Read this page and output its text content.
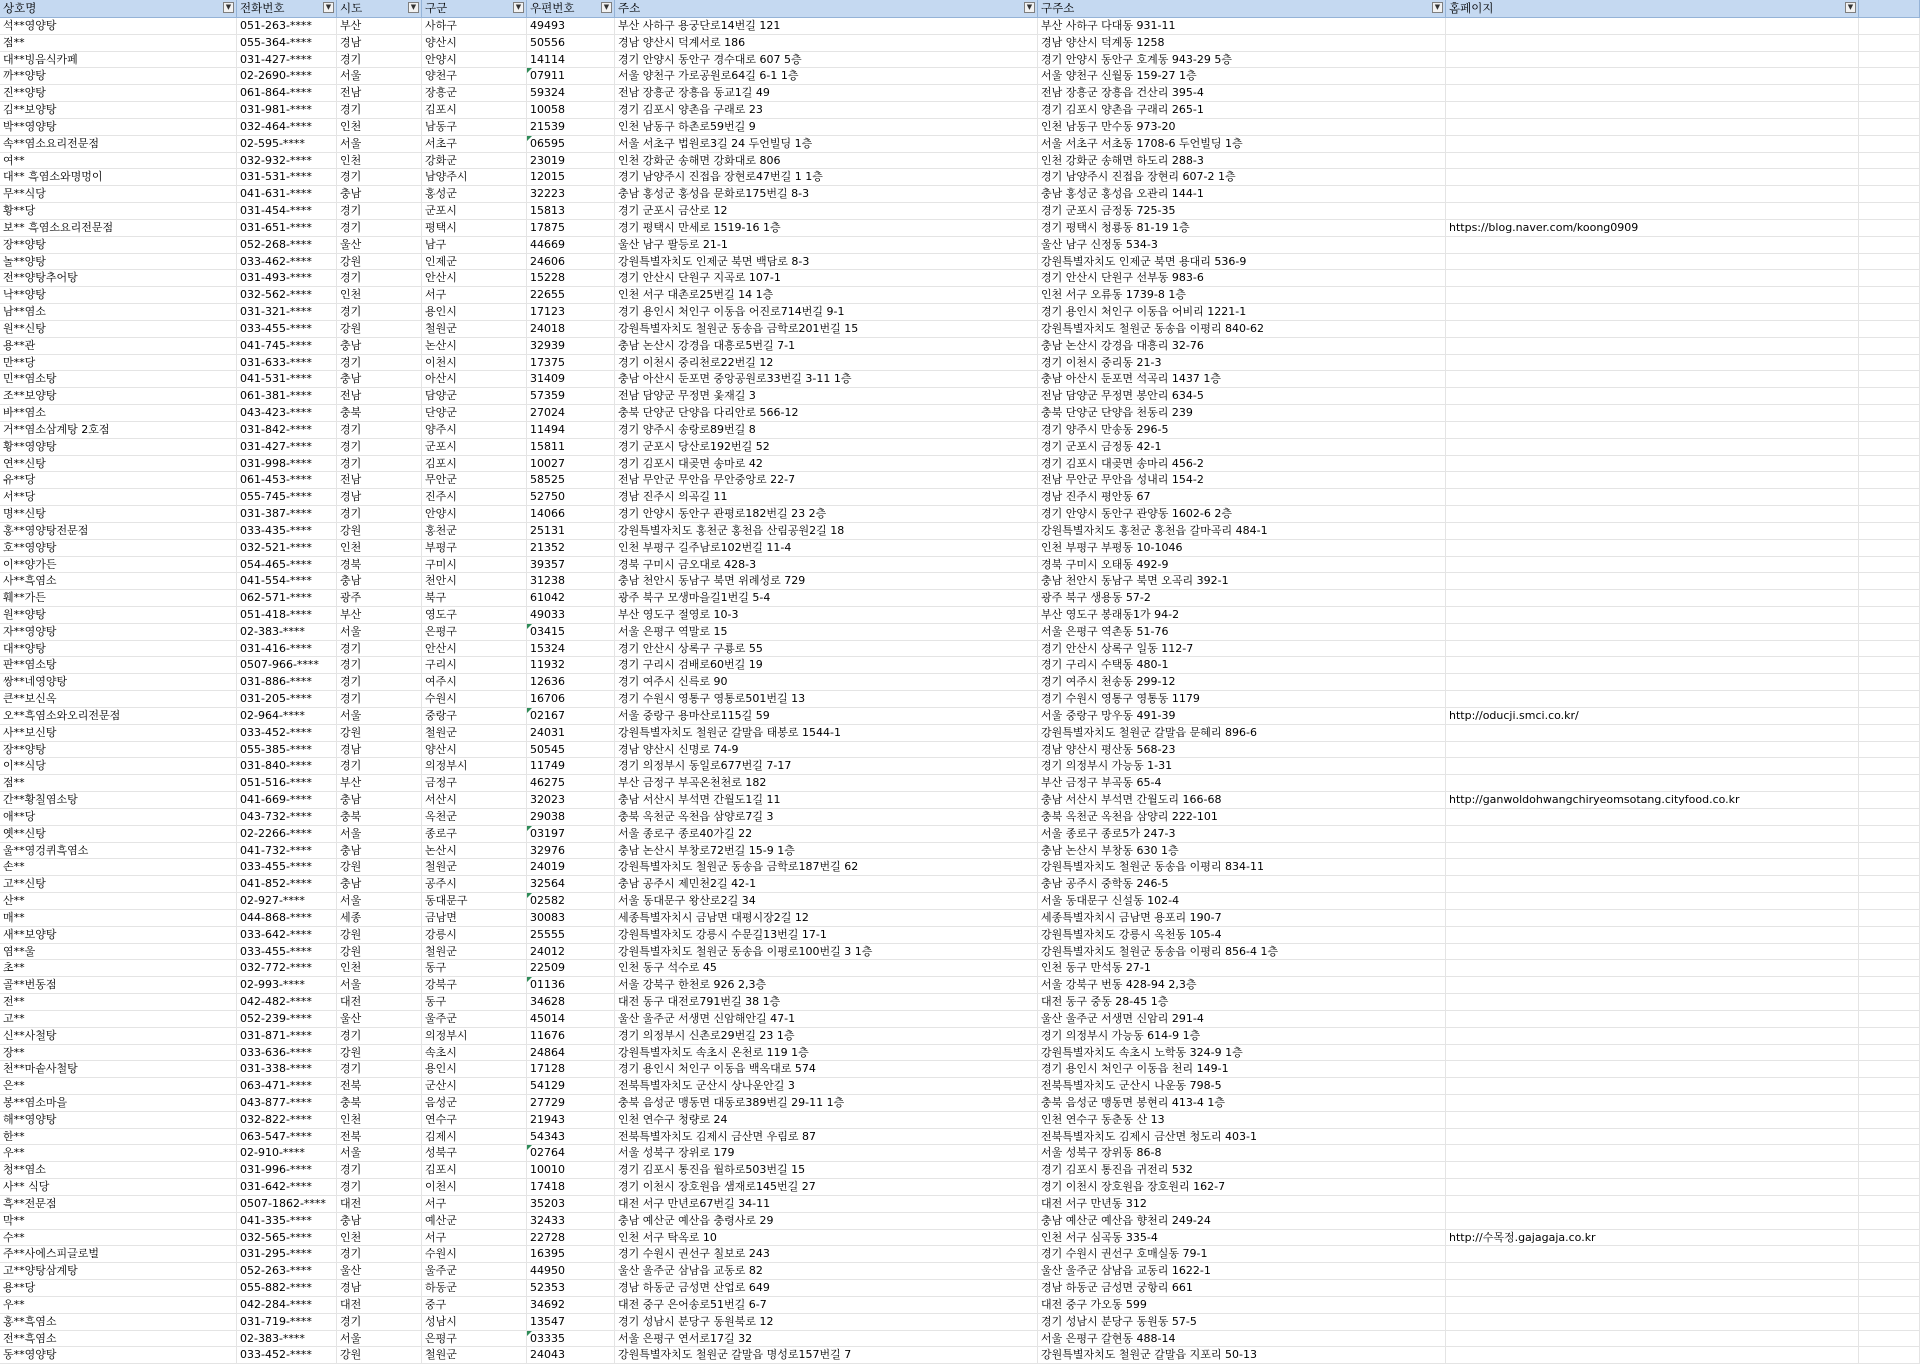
상호명	▼ 전화번호	▼ 시도	▼ 구군	▼ 우편번호	▼ 주소	▼ 구주소	▼ 홈페이지	▼
석**영양탕	051-263-****	부산	사하구	49493	부산 사하구 용궁단로14번길 121	부산 사하구 다대동 931-11
점**	055-364-****	경남	양산시	50556	경남 양산시 덕계서로 186	경남 양산시 덕계동 1258
대**빙음식카페	031-427-****	경기	안양시	14114	경기 안양시 동안구 경수대로 607 5층	경기 안양시 동안구 호계동 943-29 5층
까**양탕	02-2690-****	서울	양천구	07911	서울 양천구 가로공원로64길 6-1 1층	서울 양천구 신월동 159-27 1층
진**양탕	061-864-****	전남	장흥군	59324	전남 장흥군 장흥읍 동교1길 49	전남 장흥군 장흥읍 건산리 395-4
김**보양탕	031-981-****	경기	김포시	10058	경기 김포시 양촌읍 구래로 23	경기 김포시 양촌읍 구래리 265-1
박**영양탕	032-464-****	인천	남동구	21539	인천 남동구 하촌로59번길 9	인천 남동구 만수동 973-20
속**염소요리전문점	02-595-****	서울	서초구	06595	서울 서초구 법원로3길 24 두언빌딩 1층	서울 서초구 서초동 1708-6 두언빌딩 1층
여**	032-932-****	인천	강화군	23019	인천 강화군 송해면 강화대로 806	인천 강화군 송해면 하도리 288-3
대** 흑염소와명멍이	031-531-****	경기	남양주시	12015	경기 남양주시 진접읍 장현로47번길 1 1층	경기 남양주시 진접읍 장현리 607-2 1층
무**식당	041-631-****	충남	홍성군	32223	충남 홍성군 홍성읍 문화로175번길 8-3	충남 홍성군 홍성읍 오관리 144-1
황**당	031-454-****	경기	군포시	15813	경기 군포시 금산로 12	경기 군포시 금정동 725-35
보** 흑염소요리전문점	031-651-****	경기	평택시	17875	경기 평택시 만세로 1519-16 1층	경기 평택시 청룡동 81-19 1층	https://blog.naver.com/koong0909
장**양탕	052-268-****	울산	남구	44669	울산 남구 팔등로 21-1	울산 남구 신정동 534-3
놀**양탕	033-462-****	강원	인제군	24606	강원특별자치도 인제군 북면 백담로 8-3	강원특별자치도 인제군 북면 용대리 536-9
전**양탕추어탕	031-493-****	경기	안산시	15228	경기 안산시 단원구 지곡로 107-1	경기 안산시 단원구 선부동 983-6
낙**양탕	032-562-****	인천	서구	22655	인천 서구 대촌로25번길 14 1층	인천 서구 오류동 1739-8 1층
남**염소	031-321-****	경기	용인시	17123	경기 용인시 처인구 이동읍 어진로714번길 9-1	경기 용인시 처인구 이동읍 어비리 1221-1
원**신탕	033-455-****	강원	철원군	24018	강원특별자치도 철원군 동송읍 금학로201번길 15	강원특별자치도 철원군 동송읍 이평리 840-62
용**관	041-745-****	충남	논산시	32939	충남 논산시 강경읍 대흥로5번길 7-1	충남 논산시 강경읍 대흥리 32-76
만**당	031-633-****	경기	이천시	17375	경기 이천시 중리천로22번길 12	경기 이천시 중리동 21-3
민**염소탕	041-531-****	충남	아산시	31409	충남 아산시 둔포면 중앙공원로33번길 3-11 1층	충남 아산시 둔포면 석곡리 1437 1층
조**보양탕	061-381-****	전남	담양군	57359	전남 담양군 무정면 옻재길 3	전남 담양군 무정면 봉안리 634-5
바**염소	043-423-****	충북	단양군	27024	충북 단양군 단양읍 다리안로 566-12	충북 단양군 단양읍 천동리 239
거**염소삼계탕 2호점	031-842-****	경기	양주시	11494	경기 양주시 송랑로89번길 8	경기 양주시 만송동 296-5
황**영양탕	031-427-****	경기	군포시	15811	경기 군포시 당산로192번길 52	경기 군포시 금정동 42-1
연**신탕	031-998-****	경기	김포시	10027	경기 김포시 대곶면 송마로 42	경기 김포시 대곶면 송마리 456-2
유**당	061-453-****	전남	무안군	58525	전남 무안군 무안읍 무안중앙로 22-7	전남 무안군 무안읍 성내리 154-2
서**당	055-745-****	경남	진주시	52750	경남 진주시 의곡길 11	경남 진주시 평안동 67
명**신탕	031-387-****	경기	안양시	14066	경기 안양시 동안구 관평로182번길 23 2층	경기 안양시 동안구 관양동 1602-6 2층
홍**영양탕전문점	033-435-****	강원	홍천군	25131	강원특별자치도 홍천군 홍천읍 산림공원2길 18	강원특별자치도 홍천군 홍천읍 갈마곡리 484-1
호**영양탕	032-521-****	인천	부평구	21352	인천 부평구 길주남로102번길 11-4	인천 부평구 부평동 10-1046
이**양가든	054-465-****	경북	구미시	39357	경북 구미시 금오대로 428-3	경북 구미시 오태동 492-9
사**흑염소	041-554-****	충남	천안시	31238	충남 천안시 동남구 북면 위례성로 729	충남 천안시 동남구 북면 오곡리 392-1
훼**가든	062-571-****	광주	북구	61042	광주 북구 모생마을길1번길 5-4	광주 북구 생용동 57-2
원**양탕	051-418-****	부산	영도구	49033	부산 영도구 절영로 10-3	부산 영도구 봉래동1가 94-2
자**영양탕	02-383-****	서울	은평구	03415	서울 은평구 역말로 15	서울 은평구 역촌동 51-76
대**양탕	031-416-****	경기	안산시	15324	경기 안산시 상록구 구룡로 55	경기 안산시 상록구 일동 112-7
판**염소탕	0507-966-****	경기	구리시	11932	경기 구리시 검배로60번길 19	경기 구리시 수택동 480-1
쌍**네영양탕	031-886-****	경기	여주시	12636	경기 여주시 신륵로 90	경기 여주시 천송동 299-12
큰**보신옥	031-205-****	경기	수원시	16706	경기 수원시 영통구 영통로501번길 13	경기 수원시 영통구 영통동 1179
오**흑염소와오리전문점	02-964-****	서울	중랑구	02167	서울 중랑구 용마산로115길 59	서울 중랑구 망우동 491-39	http://oducji.smci.co.kr/
사**보신탕	033-452-****	강원	철원군	24031	강원특별자치도 철원군 갈말읍 태봉로 1544-1	강원특별자치도 철원군 갈말읍 문혜리 896-6
장**양탕	055-385-****	경남	양산시	50545	경남 양산시 신명로 74-9	경남 양산시 평산동 568-23
이**식당	031-840-****	경기	의정부시	11749	경기 의정부시 동일로677번길 7-17	경기 의정부시 가능동 1-31
점**	051-516-****	부산	금정구	46275	부산 금정구 부곡온천천로 182	부산 금정구 부곡동 65-4
간**황칠염소탕	041-669-****	충남	서산시	32023	충남 서산시 부석면 간월도1길 11	충남 서산시 부석면 간월도리 166-68	http://ganwoldohwangchiryeomsotang.cityfood.co.kr
애**당	043-732-****	충북	옥천군	29038	충북 옥천군 옥천읍 삼양로7길 3	충북 옥천군 옥천읍 삼양리 222-101
옛**신탕	02-2266-****	서울	종로구	03197	서울 종로구 종로40가길 22	서울 종로구 종로5가 247-3
울**영겅퀴흑염소	041-732-****	충남	논산시	32976	충남 논산시 부창로72번길 15-9 1층	충남 논산시 부창동 630 1층
손**	033-455-****	강원	철원군	24019	강원특별자치도 철원군 동송읍 금학로187번길 62	강원특별자치도 철원군 동송읍 이평리 834-11
고**신탕	041-852-****	충남	공주시	32564	충남 공주시 제민천2길 42-1	충남 공주시 중학동 246-5
산**	02-927-****	서울	동대문구	02582	서울 동대문구 왕산로2길 34	서울 동대문구 신설동 102-4
매**	044-868-****	세종	금남면	30083	세종특별자치시 금남면 대평시장2길 12	세종특별자치시 금남면 용포리 190-7
새**보양탕	033-642-****	강원	강릉시	25555	강원특별자치도 강릉시 수문길13번길 17-1	강원특별자치도 강릉시 옥천동 105-4
염**울	033-455-****	강원	철원군	24012	강원특별자치도 철원군 동송읍 이평로100번길 3 1층	강원특별자치도 철원군 동송읍 이평리 856-4 1층
초**	032-772-****	인천	동구	22509	인천 동구 석수로 45	인천 동구 만석동 27-1
골**번동점	02-993-****	서울	강북구	01136	서울 강북구 한천로 926 2,3층	서울 강북구 번동 428-94 2,3층
전**	042-482-****	대전	동구	34628	대전 동구 대전로791번길 38 1층	대전 동구 중동 28-45 1층
고**	052-239-****	울산	울주군	45014	울산 울주군 서생면 신암해안길 47-1	울산 울주군 서생면 신암리 291-4
신**사철탕	031-871-****	경기	의정부시	11676	경기 의정부시 신촌로29번길 23 1층	경기 의정부시 가능동 614-9 1층
장**	033-636-****	강원	속초시	24864	강원특별자치도 속초시 온천로 119 1층	강원특별자치도 속초시 노학동 324-9 1층
천**마솥사철탕	031-338-****	경기	용인시	17128	경기 용인시 처인구 이동읍 백옥대로 574	경기 용인시 처인구 이동읍 천리 149-1
은**	063-471-****	전북	군산시	54129	전북특별자치도 군산시 상나운안길 3	전북특별자치도 군산시 나운동 798-5
봉**염소마을	043-877-****	충북	음성군	27729	충북 음성군 맹동면 대동로389번길 29-11 1층	충북 음성군 맹동면 봉현리 413-4 1층
해**영양탕	032-822-****	인천	연수구	21943	인천 연수구 청량로 24	인천 연수구 동춘동 산 13
한**	063-547-****	전북	김제시	54343	전북특별자치도 김제시 금산면 우림로 87	전북특별자치도 김제시 금산면 청도리 403-1
우**	02-910-****	서울	성북구	02764	서울 성북구 장위로 179	서울 성북구 장위동 86-8
청**염소	031-996-****	경기	김포시	10010	경기 김포시 통진읍 월하로503번길 15	경기 김포시 통진읍 귀전리 532
사** 식당	031-642-****	경기	이천시	17418	경기 이천시 장호원읍 샘재로145번길 27	경기 이천시 장호원읍 장호원리 162-7
흑**전문점	0507-1862-****	대전	서구	35203	대전 서구 만년로67번길 34-11	대전 서구 만년동 312
막**	041-335-****	충남	예산군	32433	충남 예산군 예산읍 충령사로 29	충남 예산군 예산읍 향천리 249-24
수**	032-565-****	인천	서구	22728	인천 서구 탁옥로 10	인천 서구 심곡동 335-4	http://수목정.gajagaja.co.kr
주**사에스피글로벌	031-295-****	경기	수원시	16395	경기 수원시 권선구 칠보로 243	경기 수원시 권선구 호매실동 79-1
고**양탕삼계탕	052-263-****	울산	울주군	44950	울산 울주군 삼남읍 교동로 82	울산 울주군 삼남읍 교동리 1622-1
용**당	055-882-****	경남	하동군	52353	경남 하동군 금성면 산업로 649	경남 하동군 금성면 궁항리 661
우**	042-284-****	대전	중구	34692	대전 중구 은어송로51번길 6-7	대전 중구 가오동 599
홍**흑염소	031-719-****	경기	성남시	13547	경기 성남시 분당구 동원북로 12	경기 성남시 분당구 동원동 57-5
전**흑염소	02-383-****	서울	은평구	03335	서울 은평구 연서로17길 32	서울 은평구 갈현동 488-14
동**영양탕	033-452-****	강원	철원군	24043	강원특별자치도 철원군 갈말읍 명성로157번길 7	강원특별자치도 철원군 갈말읍 지포리 50-13
